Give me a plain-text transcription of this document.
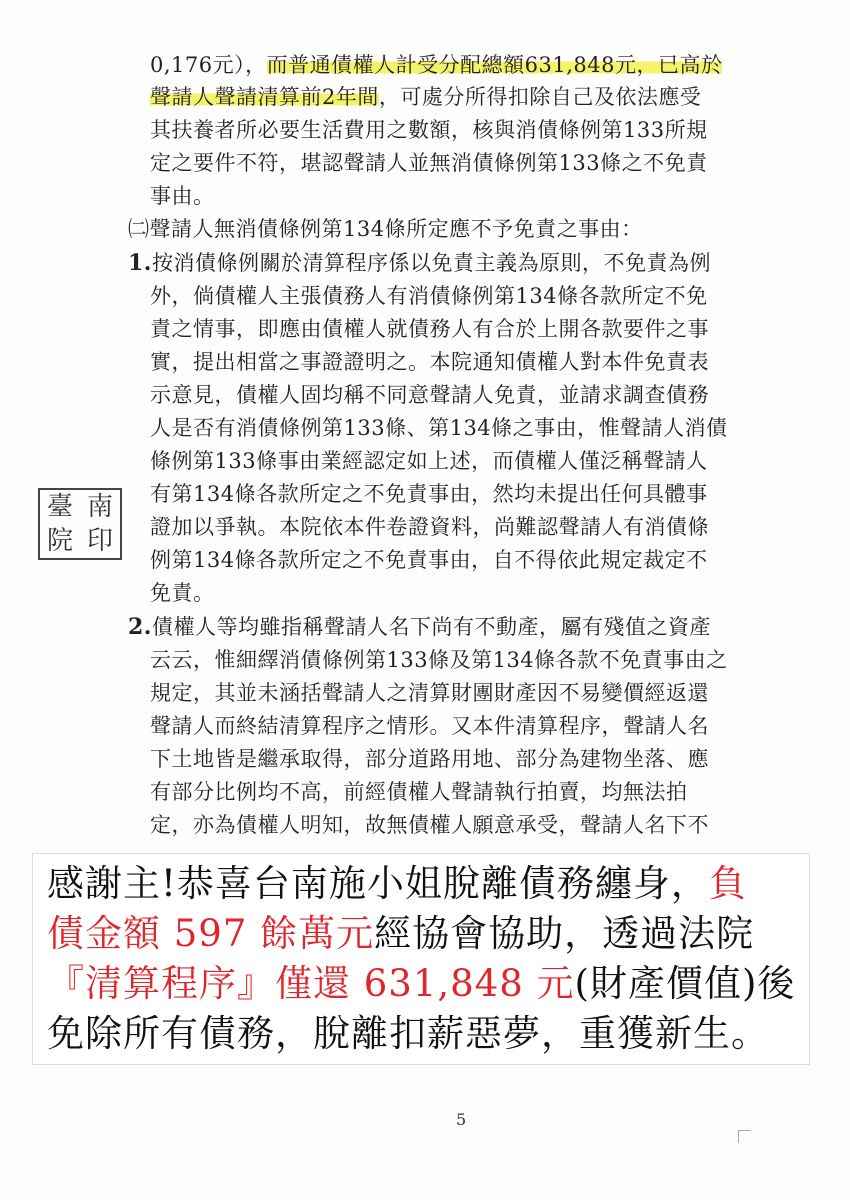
0,176元），而普通債權人計受分配總額631,848元，已高於
聲請人聲請清算前2年間，可處分所得扣除自己及依法應受
其扶養者所必要生活費用之數額，核與消債條例第133所規
定之要件不符，堪認聲請人並無消債條例第133條之不免責
事由。
㈡聲請人無消債條例第134條所定應不予免責之事由：
1.按消債條例關於清算程序係以免責主義為原則，不免責為例
外，倘債權人主張債務人有消債條例第134條各款所定不免
責之情事，即應由債權人就債務人有合於上開各款要件之事
實，提出相當之事證證明之。本院通知債權人對本件免責表
示意見，債權人固均稱不同意聲請人免責，並請求調查債務
人是否有消債條例第133條、第134條之事由，惟聲請人消債
條例第133條事由業經認定如上述，而債權人僅泛稱聲請人
有第134條各款所定之不免責事由，然均未提出任何具體事
證加以爭執。本院依本件卷證資料，尚難認聲請人有消債條
例第134條各款所定之不免責事由，自不得依此規定裁定不
免責。
2.債權人等均雖指稱聲請人名下尚有不動產，屬有殘值之資產
云云，惟細繹消債條例第133條及第134條各款不免責事由之
規定，其並未涵括聲請人之清算財團財產因不易變價經返還
聲請人而終結清算程序之情形。又本件清算程序，聲請人名
下土地皆是繼承取得，部分道路用地、部分為建物坐落、應
有部分比例均不高，前經債權人聲請執行拍賣，均無法拍
定，亦為債權人明知，故無債權人願意承受，聲請人名下不
臺 南
院 印
感謝主!恭喜台南施小姐脫離債務纏身，負
債金額 597 餘萬元經協會協助，透過法院
『清算程序』僅還 631,848 元(財產價值)後
免除所有債務，脫離扣薪惡夢，重獲新生。
5
